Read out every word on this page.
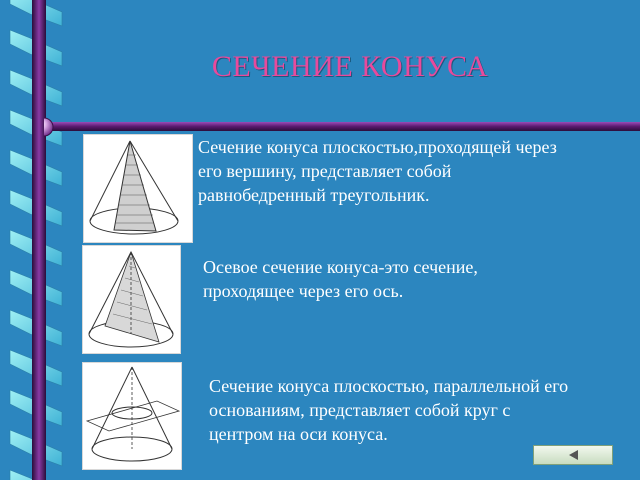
СЕЧЕНИЕ КОНУСА
Сечение конуса плоскостью,проходящей через его вершину, представляет собой равнобедренный треугольник.
Осевое сечение конуса-это сечение, проходящее через его ось.
Сечение конуса плоскостью, параллельной его основаниям, представляет собой круг с центром на оси конуса.
